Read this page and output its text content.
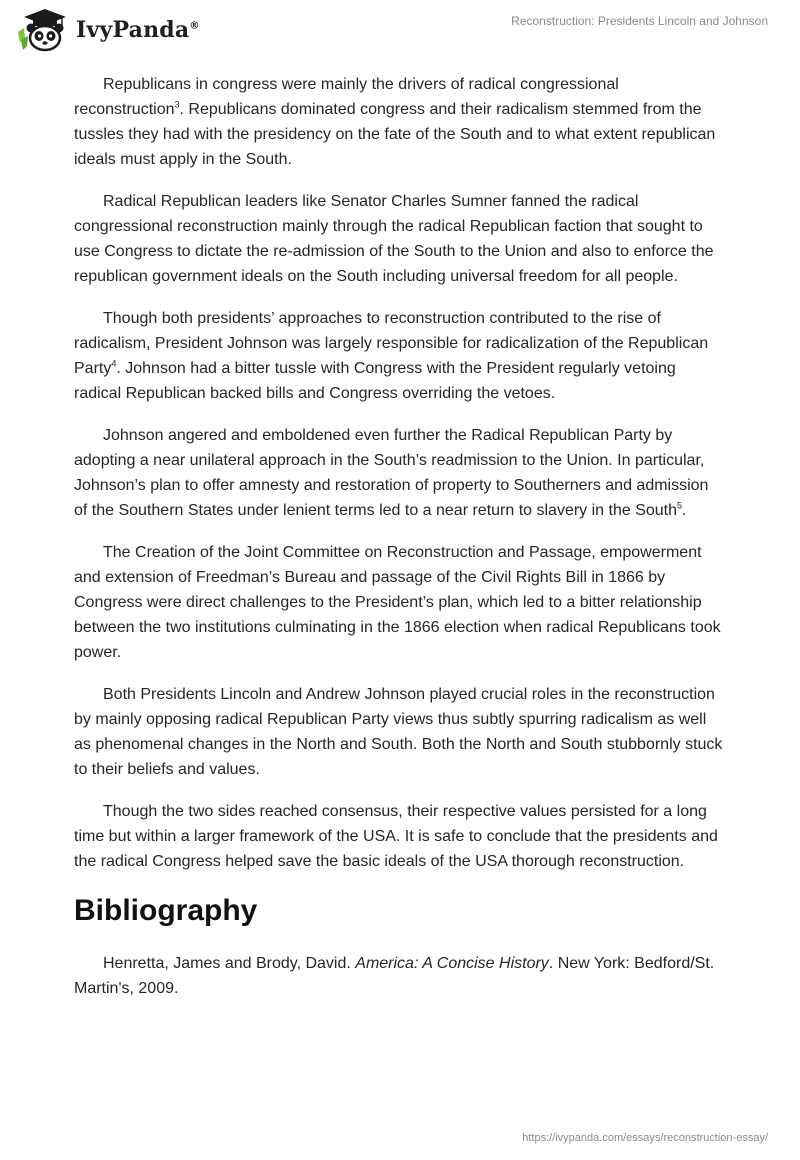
IvyPanda®	Reconstruction: Presidents Lincoln and Johnson

Republicans in congress were mainly the drivers of radical congressional reconstruction$^3$. Republicans dominated congress and their radicalism stemmed from the tussles they had with the presidency on the fate of the South and to what extent republican ideals must apply in the South.

Radical Republican leaders like Senator Charles Sumner fanned the radical congressional reconstruction mainly through the radical Republican faction that sought to use Congress to dictate the re-admission of the South to the Union and also to enforce the republican government ideals on the South including universal freedom for all people.

Though both presidents’ approaches to reconstruction contributed to the rise of radicalism, President Johnson was largely responsible for radicalization of the Republican Party$^4$. Johnson had a bitter tussle with Congress with the President regularly vetoing radical Republican backed bills and Congress overriding the vetoes.

Johnson angered and emboldened even further the Radical Republican Party by adopting a near unilateral approach in the South’s readmission to the Union. In particular, Johnson’s plan to offer amnesty and restoration of property to Southerners and admission of the Southern States under lenient terms led to a near return to slavery in the South$^5$.

The Creation of the Joint Committee on Reconstruction and Passage, empowerment and extension of Freedman’s Bureau and passage of the Civil Rights Bill in 1866 by Congress were direct challenges to the President’s plan, which led to a bitter relationship between the two institutions culminating in the 1866 election when radical Republicans took power.

Both Presidents Lincoln and Andrew Johnson played crucial roles in the reconstruction by mainly opposing radical Republican Party views thus subtly spurring radicalism as well as phenomenal changes in the North and South. Both the North and South stubbornly stuck to their beliefs and values.

Though the two sides reached consensus, their respective values persisted for a long time but within a larger framework of the USA. It is safe to conclude that the presidents and the radical Congress helped save the basic ideals of the USA thorough reconstruction.

Bibliography

Henretta, James and Brody, David. America: A Concise History. New York: Bedford/St. Martin's, 2009.

https://ivypanda.com/essays/reconstruction-essay/
